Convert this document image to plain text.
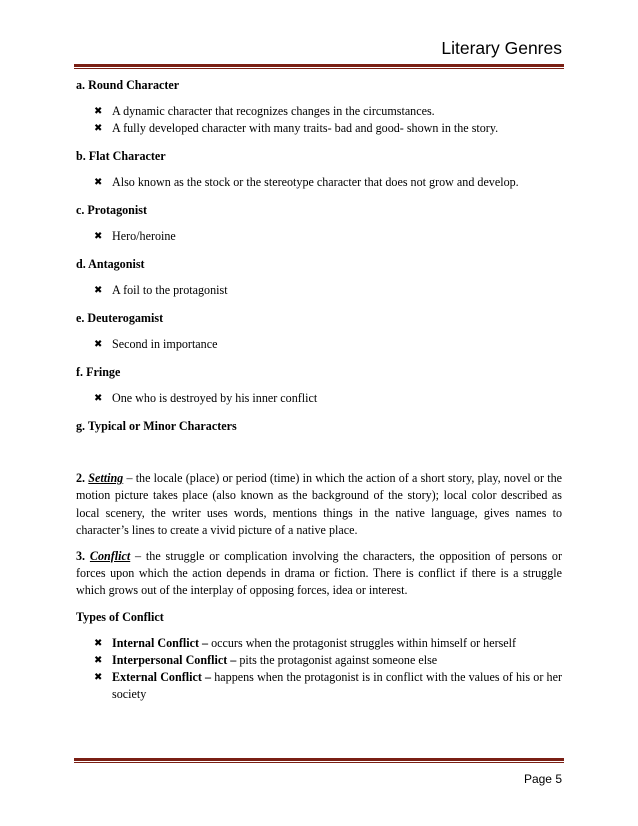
Literary Genres

a. Round Character

✖ A dynamic character that recognizes changes in the circumstances.
✖ A fully developed character with many traits- bad and good- shown in the story.

b. Flat Character

✖ Also known as the stock or the stereotype character that does not grow and develop.

c. Protagonist

✖ Hero/heroine

d. Antagonist

✖ A foil to the protagonist

e. Deuterogamist

✖ Second in importance

f. Fringe

✖ One who is destroyed by his inner conflict

g. Typical or Minor Characters

2. Setting – the locale (place) or period (time) in which the action of a short story, play, novel or the motion picture takes place (also known as the background of the story); local color described as local scenery, the writer uses words, mentions things in the native language, gives names to character’s lines to create a vivid picture of a native place.

3. Conflict – the struggle or complication involving the characters, the opposition of persons or forces upon which the action depends in drama or fiction. There is conflict if there is a struggle which grows out of the interplay of opposing forces, idea or interest.

Types of Conflict

✖ Internal Conflict – occurs when the protagonist struggles within himself or herself
✖ Interpersonal Conflict – pits the protagonist against someone else
✖ External Conflict – happens when the protagonist is in conflict with the values of his or her society
Page 5
